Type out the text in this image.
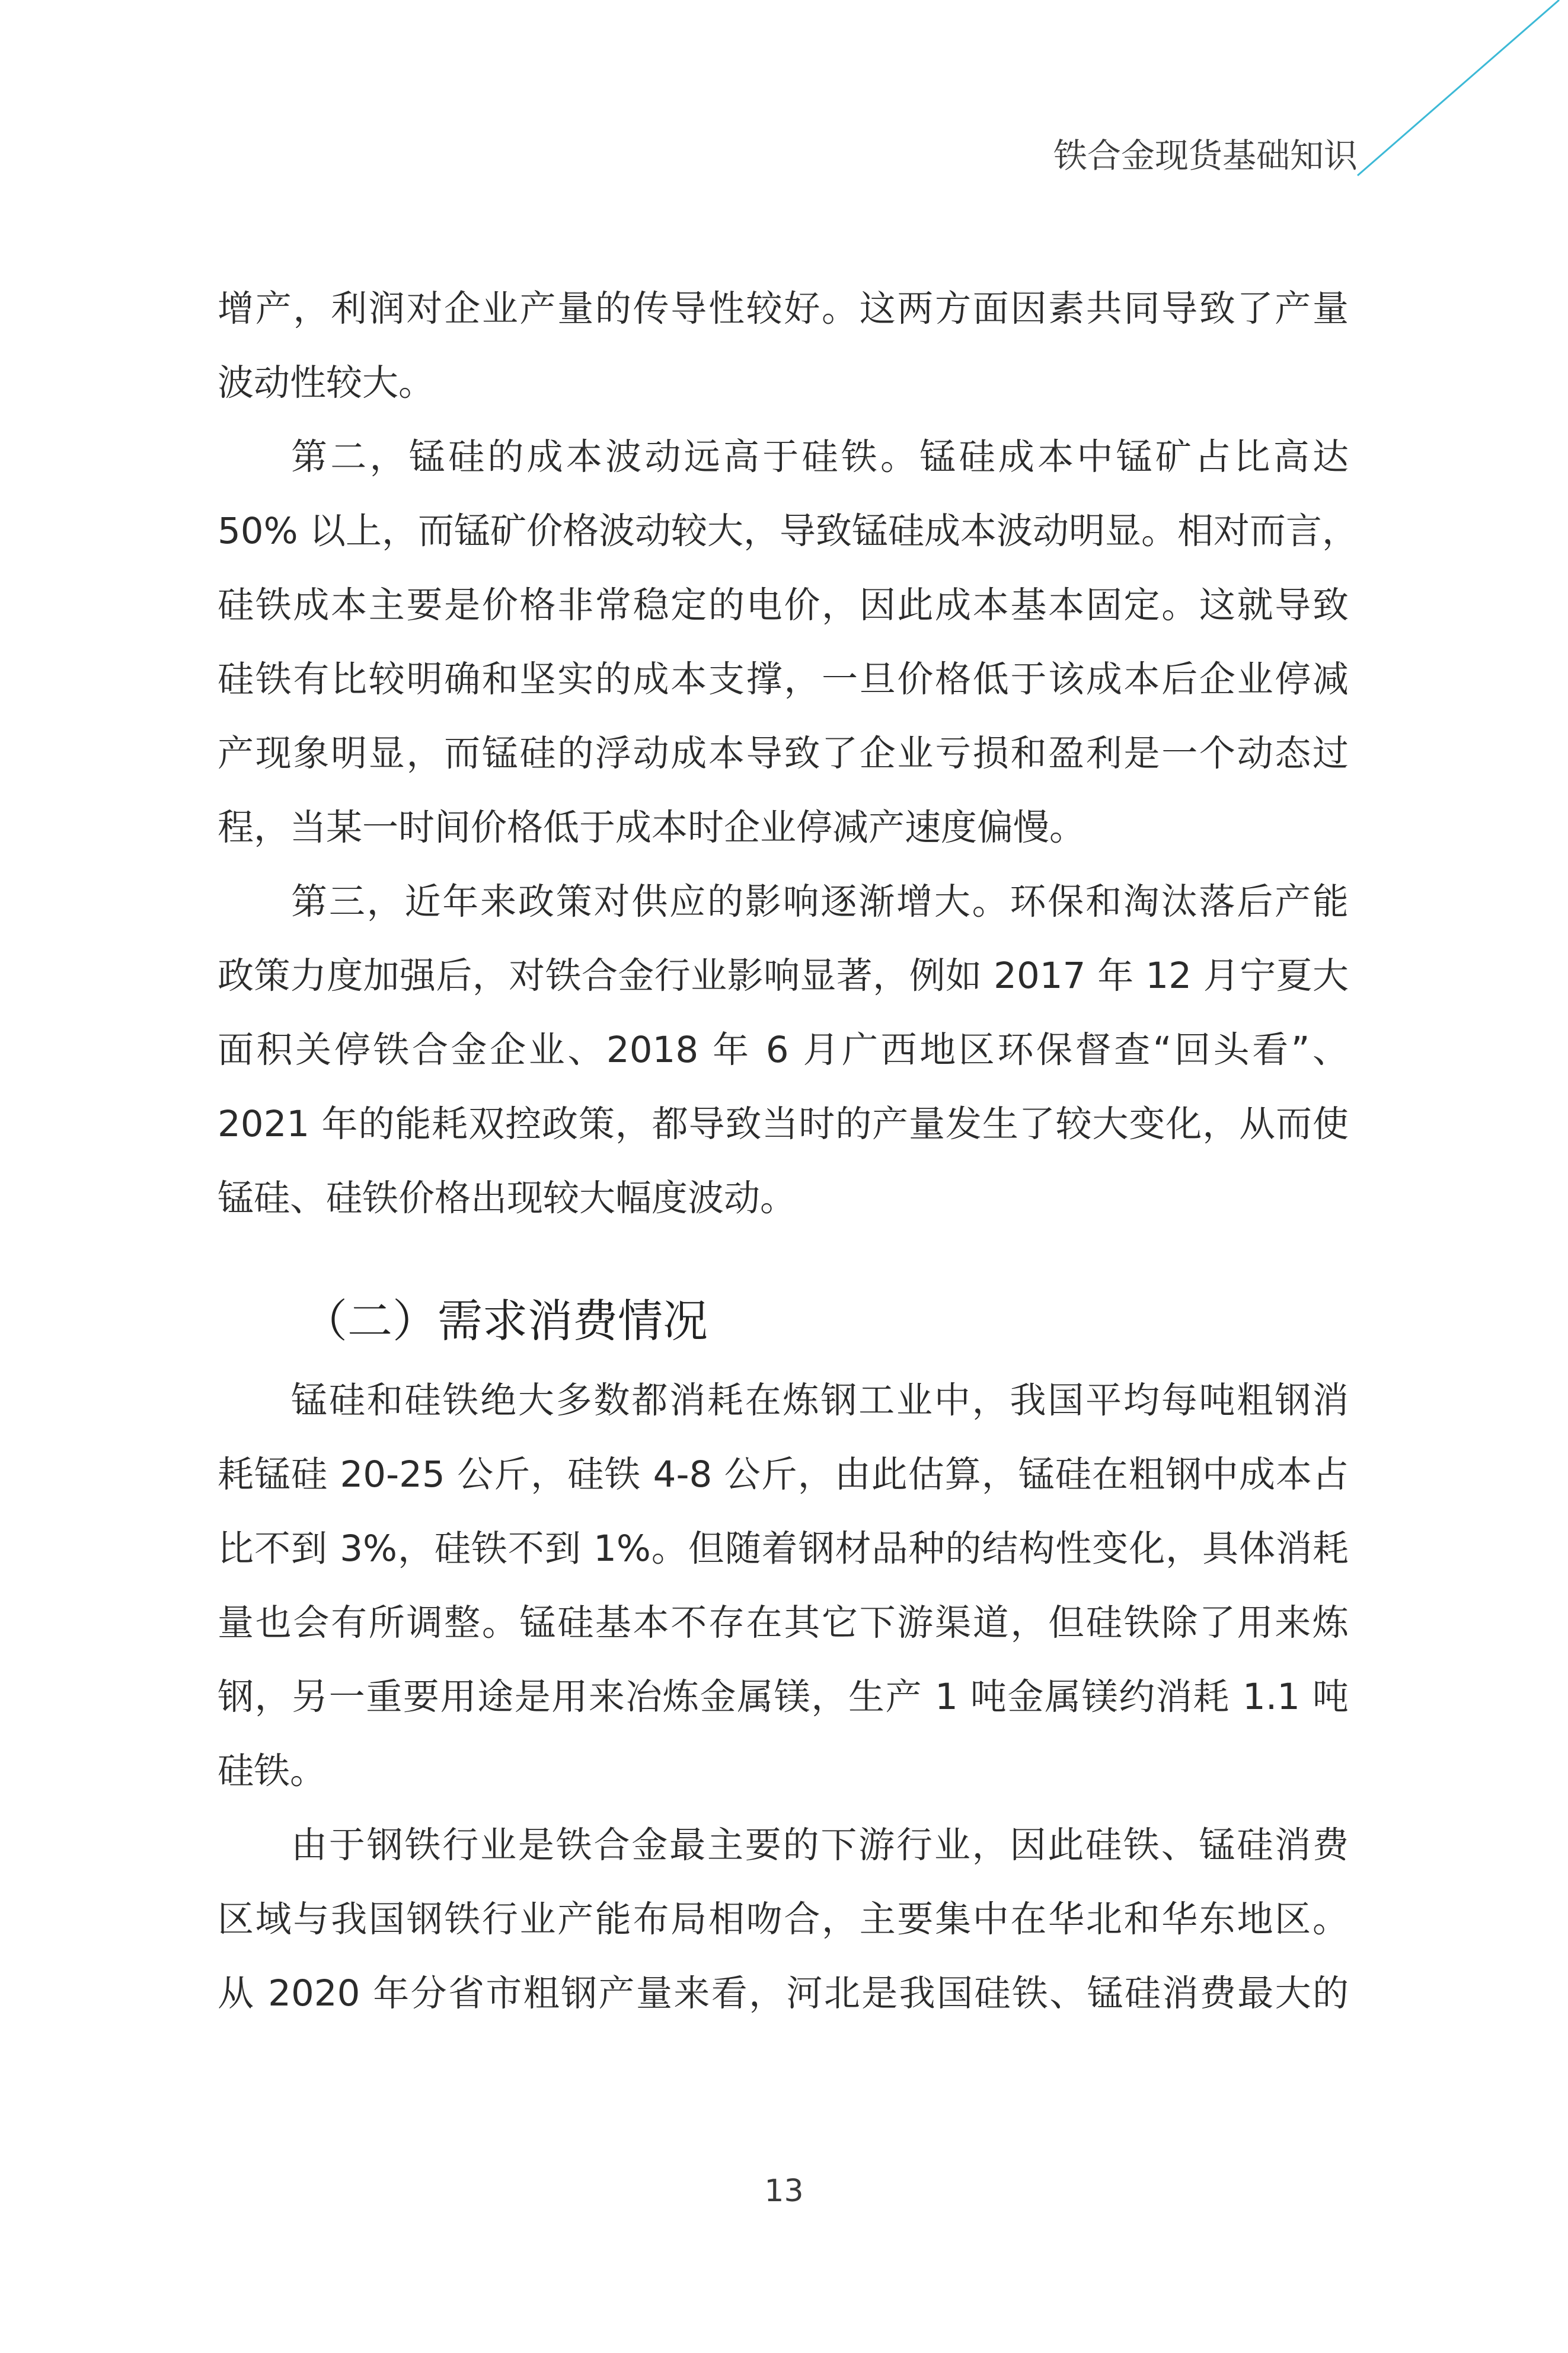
铁合金现货基础知识
增产，利润对企业产量的传导性较好。这两方面因素共同导致了产量
波动性较大。
第二，锰硅的成本波动远高于硅铁。锰硅成本中锰矿占比高达
50% 以上，而锰矿价格波动较大，导致锰硅成本波动明显。相对而言，
硅铁成本主要是价格非常稳定的电价，因此成本基本固定。这就导致
硅铁有比较明确和坚实的成本支撑，一旦价格低于该成本后企业停减
产现象明显，而锰硅的浮动成本导致了企业亏损和盈利是一个动态过
程，当某一时间价格低于成本时企业停减产速度偏慢。
第三，近年来政策对供应的影响逐渐增大。环保和淘汰落后产能
政策力度加强后，对铁合金行业影响显著，例如 2017 年 12 月宁夏大
面积关停铁合金企业、2018 年 6 月广西地区环保督查“回头看”、
2021 年的能耗双控政策，都导致当时的产量发生了较大变化，从而使
锰硅、硅铁价格出现较大幅度波动。
（二）需求消费情况
锰硅和硅铁绝大多数都消耗在炼钢工业中，我国平均每吨粗钢消
耗锰硅 20-25 公斤，硅铁 4-8 公斤，由此估算，锰硅在粗钢中成本占
比不到 3%，硅铁不到 1%。但随着钢材品种的结构性变化，具体消耗
量也会有所调整。锰硅基本不存在其它下游渠道，但硅铁除了用来炼
钢，另一重要用途是用来冶炼金属镁，生产 1 吨金属镁约消耗 1.1 吨
硅铁。
由于钢铁行业是铁合金最主要的下游行业，因此硅铁、锰硅消费
区域与我国钢铁行业产能布局相吻合，主要集中在华北和华东地区。
从 2020 年分省市粗钢产量来看，河北是我国硅铁、锰硅消费最大的
13
